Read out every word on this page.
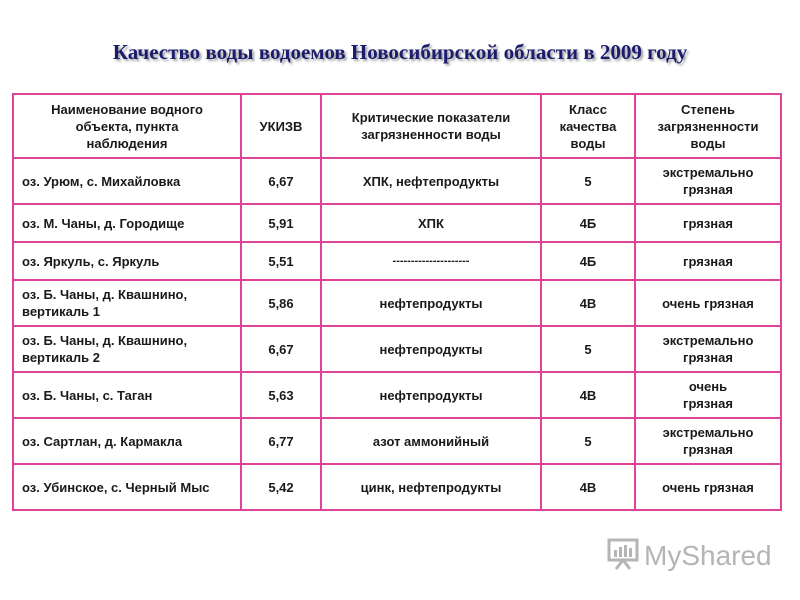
Качество воды водоемов Новосибирской области в 2009 году
Наименование водного объекта, пункта наблюдения	УКИЗВ	Критические показатели загрязненности воды	Класс качества воды	Степень загрязненности воды
оз. Урюм, с. Михайловка	6,67	ХПК, нефтепродукты	5	экстремально грязная
оз. М. Чаны, д. Городище	5,91	ХПК	4Б	грязная
оз. Яркуль, с. Яркуль	5,51	---------------------	4Б	грязная
оз. Б. Чаны, д. Квашнино, вертикаль 1	5,86	нефтепродукты	4В	очень грязная
оз. Б. Чаны, д. Квашнино, вертикаль 2	6,67	нефтепродукты	5	экстремально грязная
оз. Б. Чаны, с. Таган	5,63	нефтепродукты	4В	очень грязная
оз. Сартлан, д. Кармакла	6,77	азот аммонийный	5	экстремально грязная
оз. Убинское, с. Черный Мыс	5,42	цинк, нефтепродукты	4В	очень грязная
MyShared
